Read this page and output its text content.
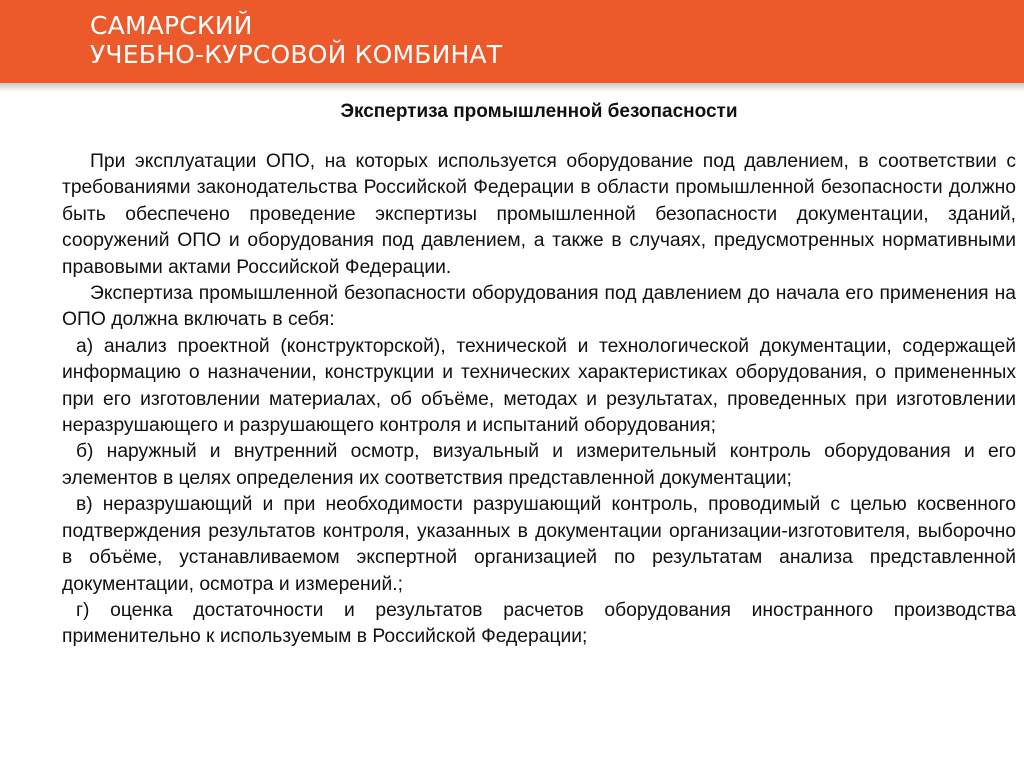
САМАРСКИЙ
УЧЕБНО-КУРСОВОЙ КОМБИНАТ
Экспертиза промышленной безопасности

При эксплуатации ОПО, на которых используется оборудование под давлением, в соответствии с требованиями законодательства Российской Федерации в области промышленной безопасности должно быть обеспечено проведение экспертизы промышленной безопасности документации, зданий, сооружений ОПО и оборудования под давлением, а также в случаях, предусмотренных нормативными правовыми актами Российской Федерации.

Экспертиза промышленной безопасности оборудования под давлением до начала его применения на ОПО должна включать в себя:

а) анализ проектной (конструкторской), технической и технологической документации, содержащей информацию о назначении, конструкции и технических характеристиках оборудования, о примененных при его изготовлении материалах, об объёме, методах и результатах, проведенных при изготовлении неразрушающего и разрушающего контроля и испытаний оборудования;

б) наружный и внутренний осмотр, визуальный и измерительный контроль оборудования и его элементов в целях определения их соответствия представленной документации;

в) неразрушающий и при необходимости разрушающий контроль, проводимый с целью косвенного подтверждения результатов контроля, указанных в документации организации-изготовителя, выборочно в объёме, устанавливаемом экспертной организацией по результатам анализа представленной документации, осмотра и измерений.;

г) оценка достаточности и результатов расчетов оборудования иностранного производства применительно к используемым в Российской Федерации;
